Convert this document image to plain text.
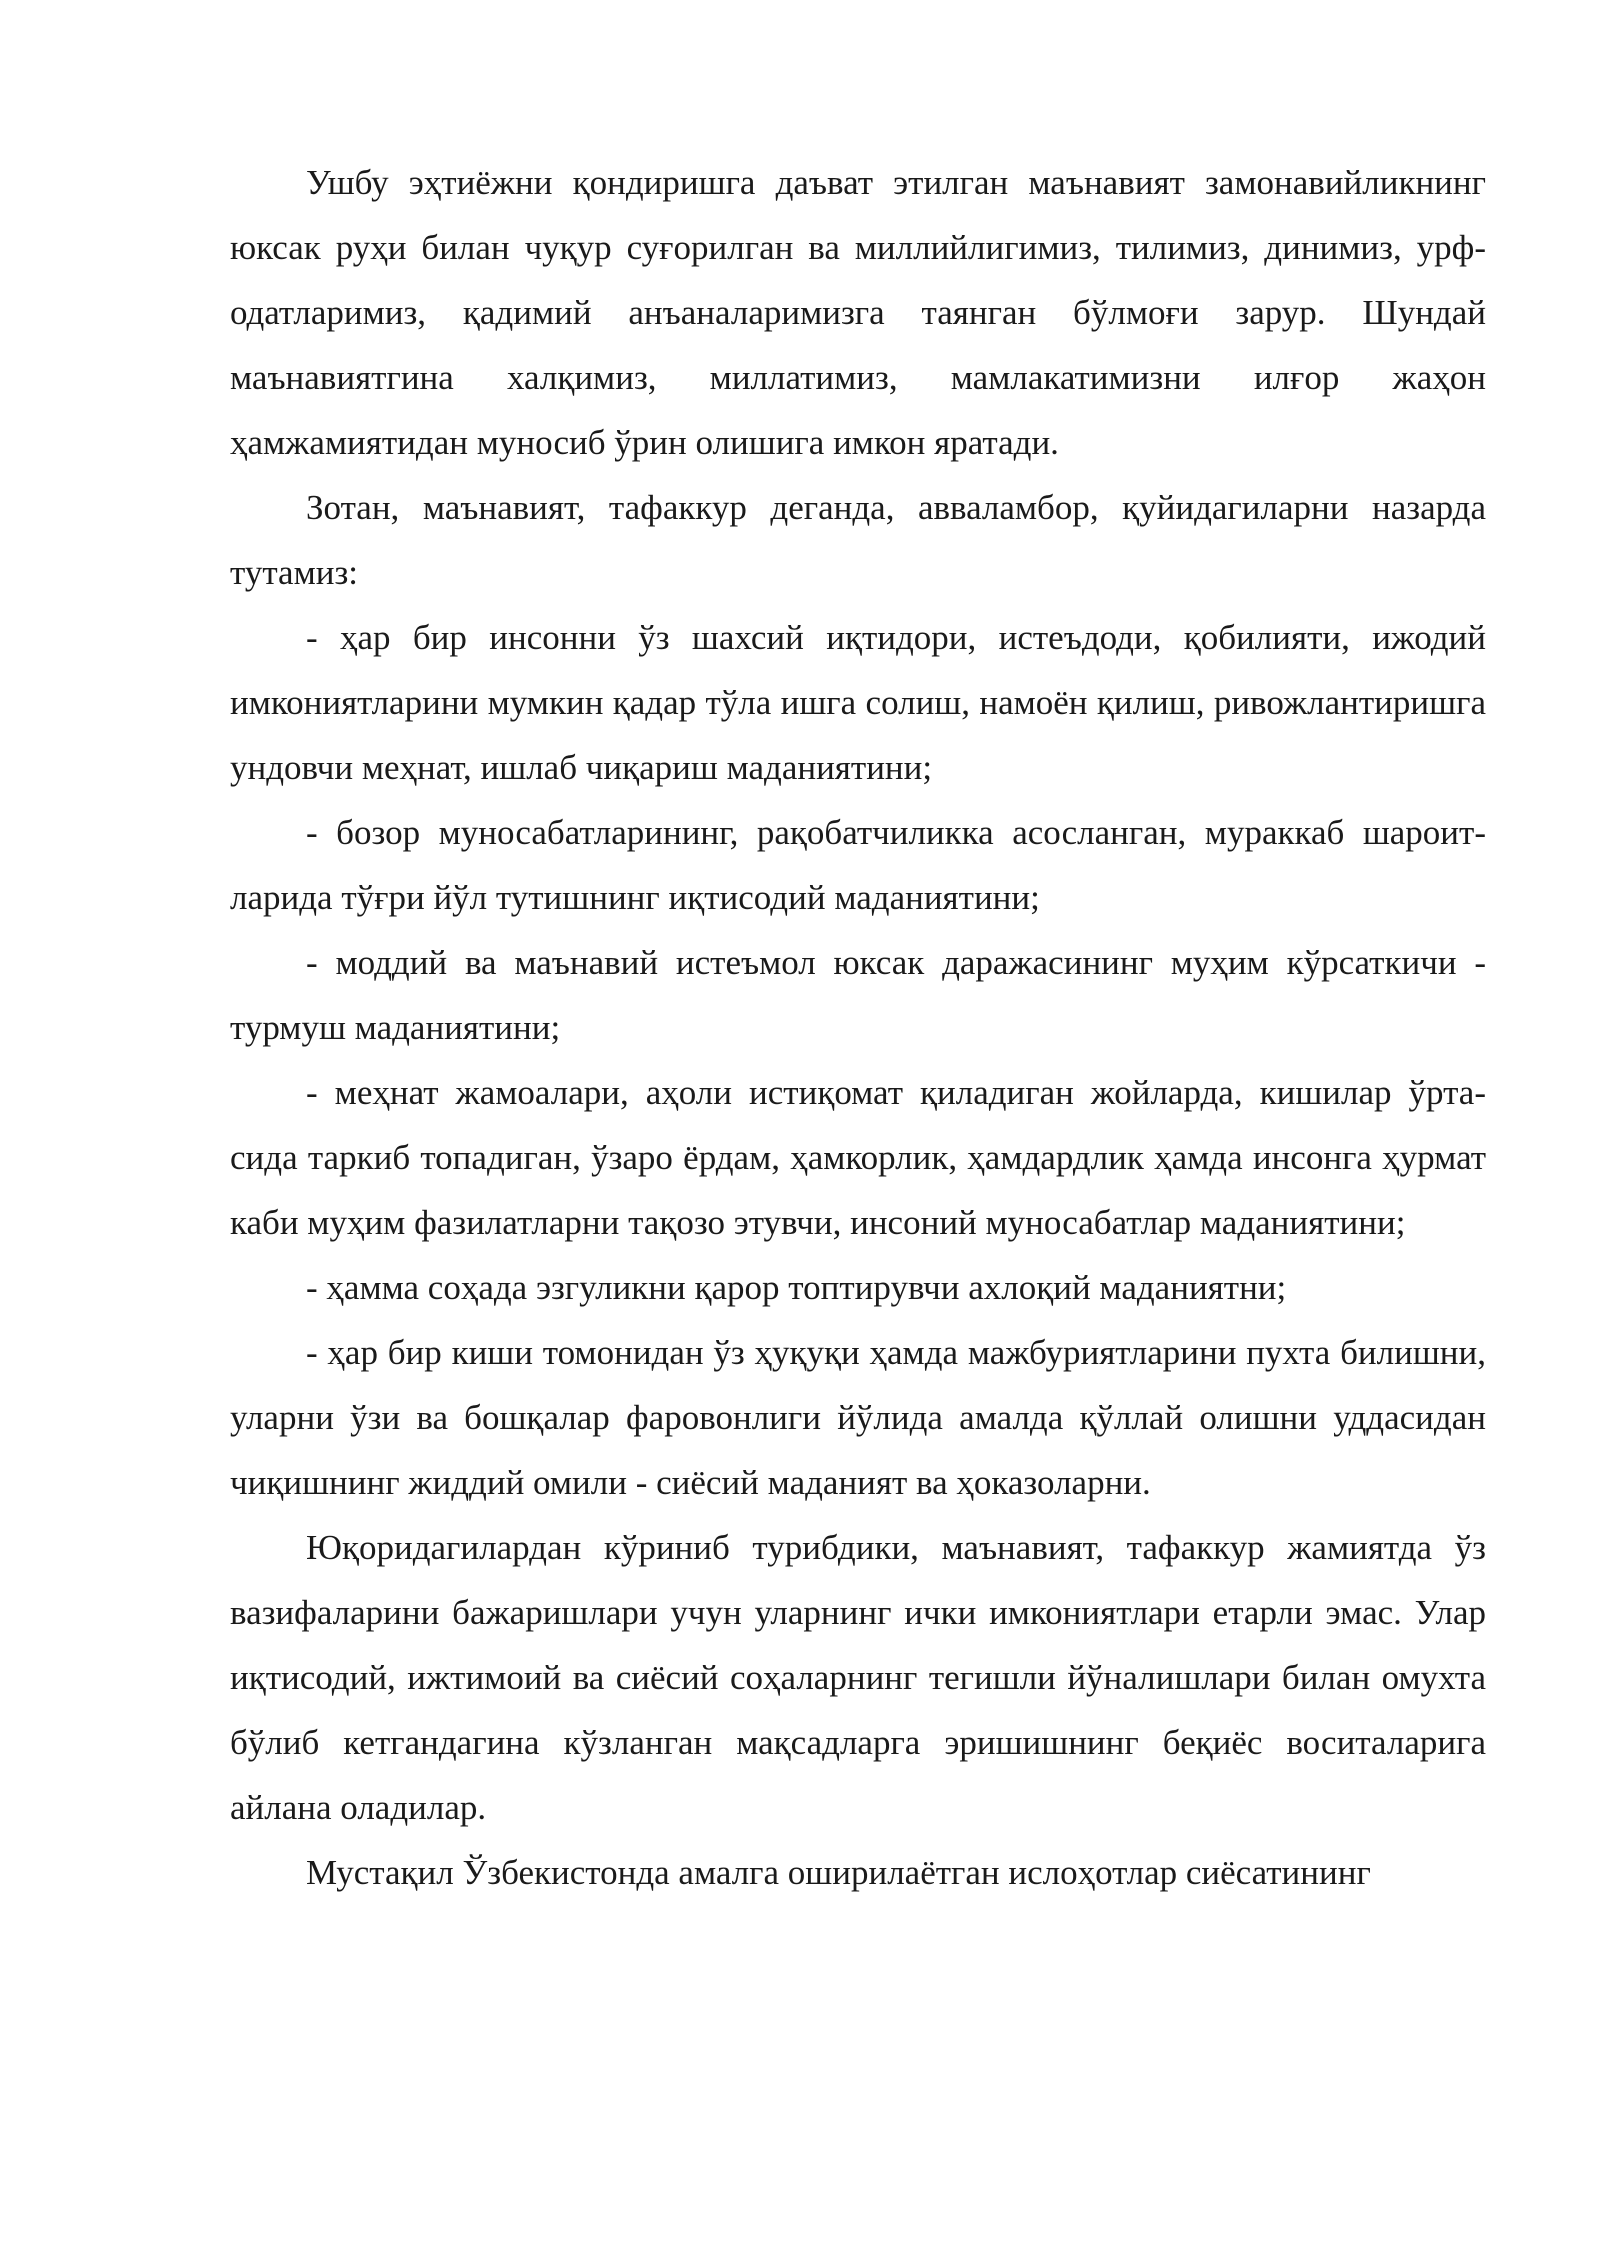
Ушбу эҳтиёжни қондиришга даъват этилган маънавият замонавийликнинг юксак руҳи билан чуқур суғорилган ва миллийлигимиз, тилимиз, динимиз, урф-одатларимиз, қадимий анъаналаримизга таянган бўлмоғи зарур. Шундай маънавиятгина халқимиз, миллатимиз, мамлакатимизни илғор жаҳон ҳамжамиятидан муносиб ўрин олишига имкон яратади.

Зотан, маънавият, тафаккур деганда, авваламбор, қуйидагиларни назарда тутамиз:

- ҳар бир инсонни ўз шахсий иқтидори, истеъдоди, қобилияти, ижодий имкониятларини мумкин қадар тўла ишга солиш, намоён қилиш, ривожлантиришга ундовчи меҳнат, ишлаб чиқариш маданиятини;

- бозор муносабатларининг, рақобатчиликка асосланган, мураккаб шароит-ларида тўғри йўл тутишнинг иқтисодий маданиятини;

- моддий ва маънавий истеъмол юксак даражасининг муҳим кўрсаткичи - турмуш маданиятини;

- меҳнат жамоалари, аҳоли истиқомат қиладиган жойларда, кишилар ўрта-сида таркиб топадиган, ўзаро ёрдам, ҳамкорлик, ҳамдардлик ҳамда инсонга ҳурмат каби муҳим фазилатларни тақозо этувчи, инсоний муносабатлар маданиятини;

- ҳамма соҳада эзгуликни қарор топтирувчи ахлоқий маданиятни;

- ҳар бир киши томонидан ўз ҳуқуқи ҳамда мажбуриятларини пухта билишни, уларни ўзи ва бошқалар фаровонлиги йўлида амалда қўллай олишни уддасидан чиқишнинг жиддий омили - сиёсий маданият ва ҳоказоларни.

Юқоридагилардан кўриниб турибдики, маънавият, тафаккур жамиятда ўз вазифаларини бажаришлари учун уларнинг ички имкониятлари етарли эмас. Улар иқтисодий, ижтимоий ва сиёсий соҳаларнинг тегишли йўналишлари билан омухта бўлиб кетгандагина кўзланган мақсадларга эришишнинг беқиёс воситаларига айлана оладилар.

Мустақил Ўзбекистонда амалга оширилаётган ислоҳотлар сиёсатининг
